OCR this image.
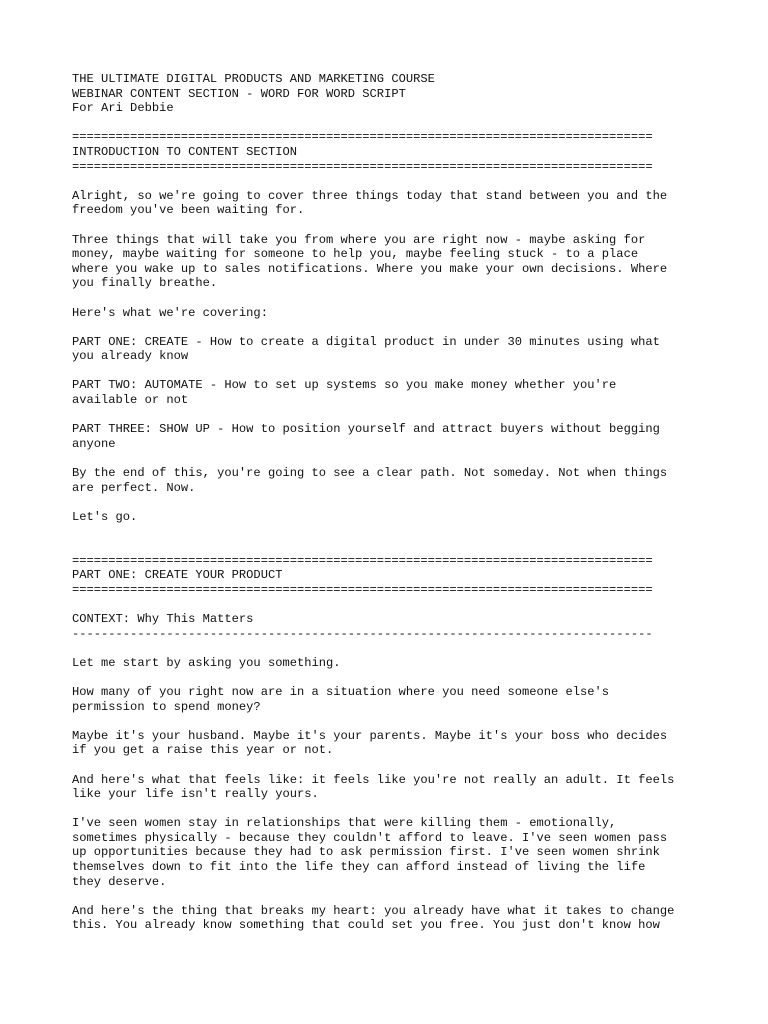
THE ULTIMATE DIGITAL PRODUCTS AND MARKETING COURSE
WEBINAR CONTENT SECTION - WORD FOR WORD SCRIPT
For Ari Debbie
================================================================================
INTRODUCTION TO CONTENT SECTION
================================================================================

Alright, so we're going to cover three things today that stand between you and the
freedom you've been waiting for.

Three things that will take you from where you are right now - maybe asking for
money, maybe waiting for someone to help you, maybe feeling stuck - to a place
where you wake up to sales notifications. Where you make your own decisions. Where
you finally breathe.

Here's what we're covering:

PART ONE: CREATE - How to create a digital product in under 30 minutes using what
you already know

PART TWO: AUTOMATE - How to set up systems so you make money whether you're
available or not

PART THREE: SHOW UP - How to position yourself and attract buyers without begging
anyone

By the end of this, you're going to see a clear path. Not someday. Not when things
are perfect. Now.

Let's go.

================================================================================
PART ONE: CREATE YOUR PRODUCT
================================================================================
CONTEXT: Why This Matters
--------------------------------------------------------------------------------

Let me start by asking you something.

How many of you right now are in a situation where you need someone else's
permission to spend money?

Maybe it's your husband. Maybe it's your parents. Maybe it's your boss who decides
if you get a raise this year or not.

And here's what that feels like: it feels like you're not really an adult. It feels
like your life isn't really yours.

I've seen women stay in relationships that were killing them - emotionally,
sometimes physically - because they couldn't afford to leave. I've seen women pass
up opportunities because they had to ask permission first. I've seen women shrink
themselves down to fit into the life they can afford instead of living the life
they deserve.

And here's the thing that breaks my heart: you already have what it takes to change
this. You already know something that could set you free. You just don't know how
